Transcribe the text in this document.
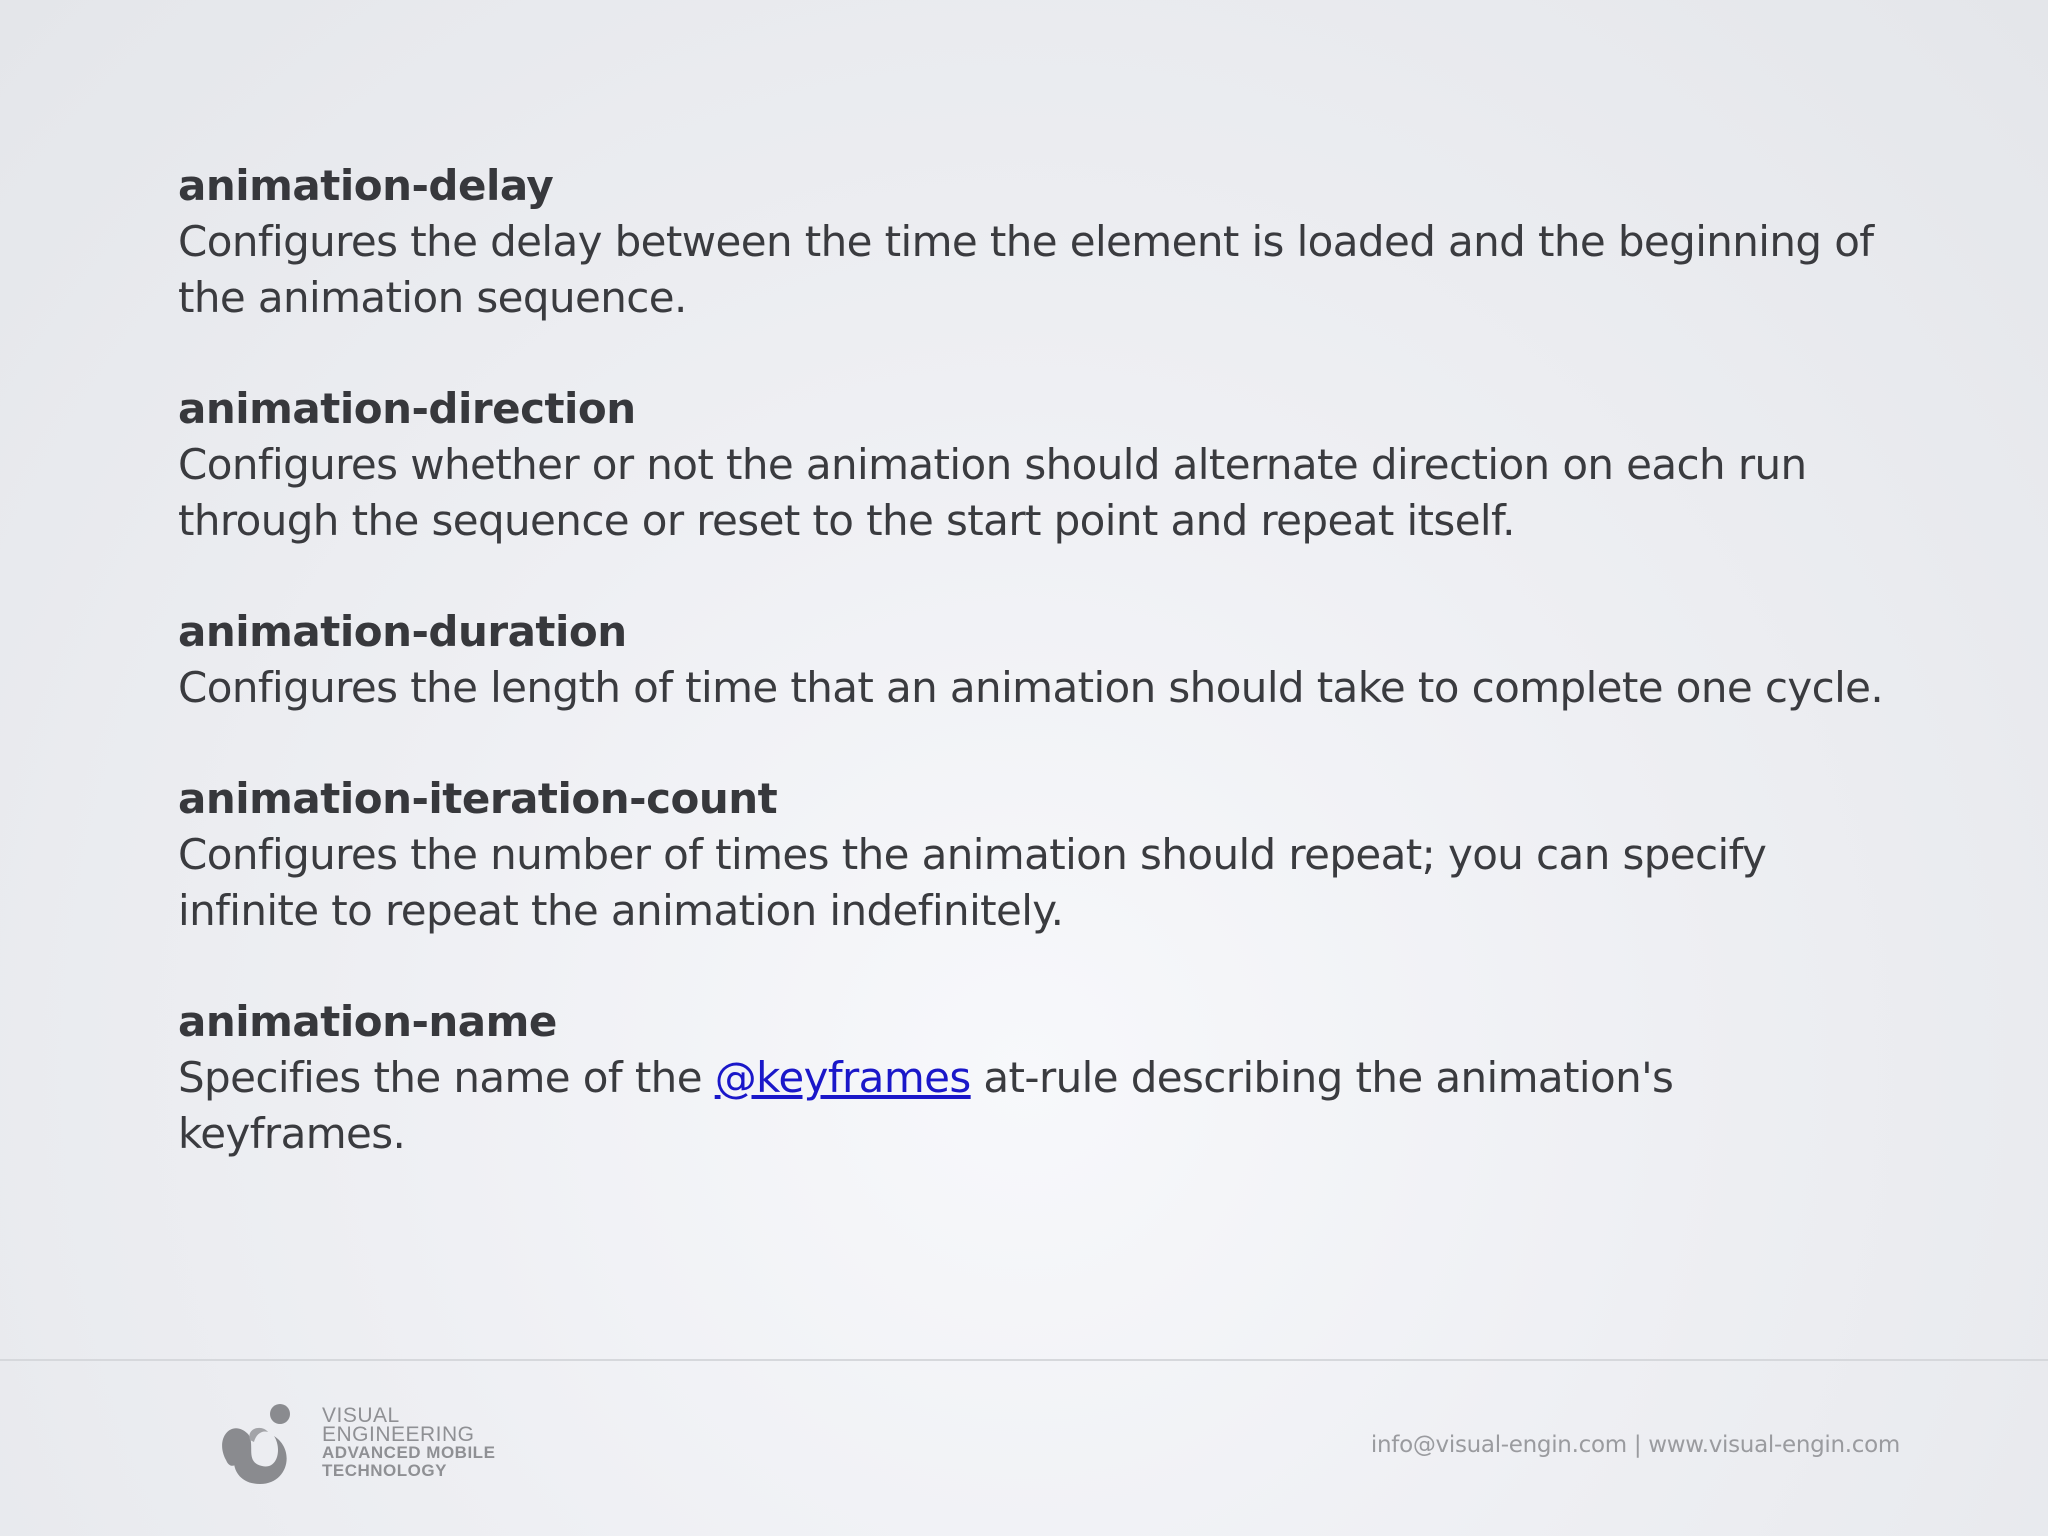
animation-delay
Configures the delay between the time the element is loaded and the beginning of the animation sequence.
animation-direction
Configures whether or not the animation should alternate direction on each run through the sequence or reset to the start point and repeat itself.
animation-duration
Configures the length of time that an animation should take to complete one cycle.
animation-iteration-count
Configures the number of times the animation should repeat; you can specify infinite to repeat the animation indefinitely.
animation-name
Specifies the name of the @keyframes at-rule describing the animation's keyframes.
VISUAL
ENGINEERING
ADVANCED MOBILE
TECHNOLOGY
info@visual-engin.com | www.visual-engin.com
